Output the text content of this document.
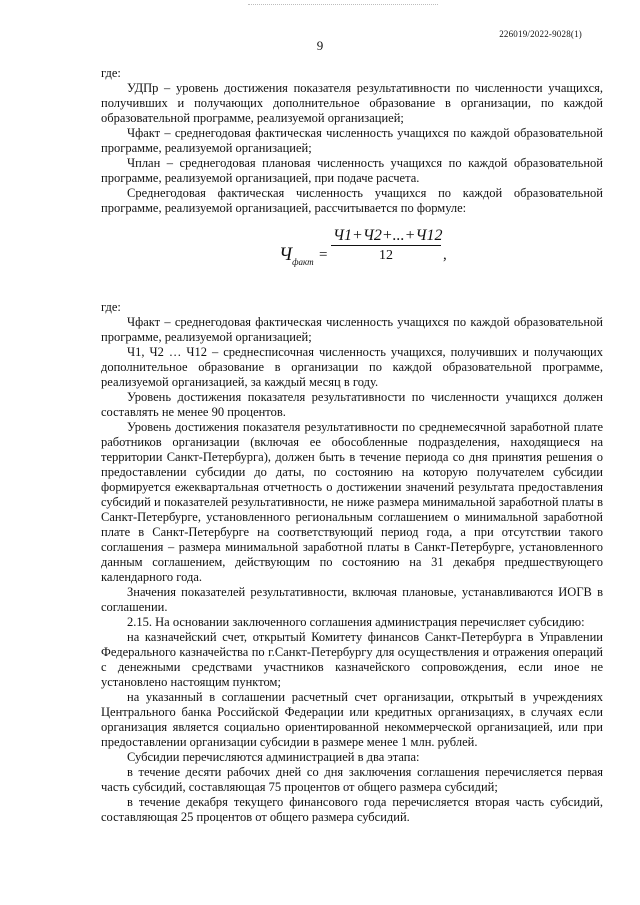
226019/2022-9028(1)
9

где:

УДПр – уровень достижения показателя результативности по численности учащихся, получивших и получающих дополнительное образование в организации, по каждой образовательной программе, реализуемой организацией;

Чфакт – среднегодовая фактическая численность учащихся по каждой образовательной программе, реализуемой организацией;

Чплан – среднегодовая плановая численность учащихся по каждой образовательной программе, реализуемой организацией, при подаче расчета.

Среднегодовая фактическая численность учащихся по каждой образовательной программе, реализуемой организацией, рассчитывается по формуле:

$Ч_{факт}$ =
Ч1+Ч2+...+Ч12
12	,

где:

Чфакт – среднегодовая фактическая численность учащихся по каждой образовательной программе, реализуемой организацией;

Ч1, Ч2 … Ч12 – среднесписочная численность учащихся, получивших и получающих дополнительное образование в организации по каждой образовательной программе, реализуемой организацией, за каждый месяц в году.

Уровень достижения показателя результативности по численности учащихся должен составлять не менее 90 процентов.

Уровень достижения показателя результативности по среднемесячной заработной плате работников организации (включая ее обособленные подразделения, находящиеся на территории Санкт-Петербурга), должен быть в течение периода со дня принятия решения о предоставлении субсидии до даты, по состоянию на которую получателем субсидии формируется ежеквартальная отчетность о достижении значений результата предоставления субсидий и показателей результативности, не ниже размера минимальной заработной платы в Санкт-Петербурге, установленного региональным соглашением о минимальной заработной плате в Санкт-Петербурге на соответствующий период года, а при отсутствии такого соглашения – размера минимальной заработной платы в Санкт-Петербурге, установленного данным соглашением, действующим по состоянию на 31 декабря предшествующего календарного года.

Значения показателей результативности, включая плановые, устанавливаются ИОГВ в соглашении.

2.15. На основании заключенного соглашения администрация перечисляет субсидию:

на казначейский счет, открытый Комитету финансов Санкт-Петербурга в Управлении Федерального казначейства по г.Санкт-Петербургу для осуществления и отражения операций с денежными средствами участников казначейского сопровождения, если иное не установлено настоящим пунктом;

на указанный в соглашении расчетный счет организации, открытый в учреждениях Центрального банка Российской Федерации или кредитных организациях, в случаях если организация является социально ориентированной некоммерческой организацией, или при предоставлении организации субсидии в размере менее 1 млн. рублей.

Субсидии перечисляются администрацией в два этапа:

в течение десяти рабочих дней со дня заключения соглашения перечисляется первая часть субсидий, составляющая 75 процентов от общего размера субсидий;

в течение декабря текущего финансового года перечисляется вторая часть субсидий, составляющая 25 процентов от общего размера субсидий.
